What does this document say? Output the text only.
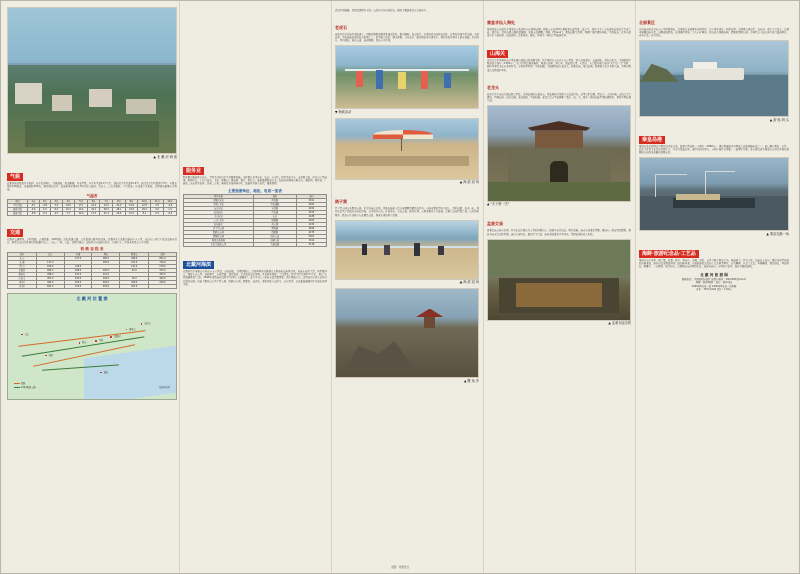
▲ 北 戴 河 海 滨
气候
北戴河地处暖温带半湿润、南于海洋调节，气候温和，夏无酷暑，冬无严寒，年平均气温11℃左右，最热月平均气温24.5℃，最冷月平均气温零下5℃。年降水量约700毫米，无霜期约180天，相对湿度适中。海滨浴场水温6月至9月适宜游泳，尤以七、八月为最佳。空气清新、负氧离子含量高，是理想的避暑疗养胜地。
气温表
项目	1月	2月	3月	4月	5月	6月	7月	8月	9月	10月	11月	12月
平均气温	-5.1	-2.8	3.4	10.6	17.1	21.4	24.5	24.0	19.6	12.8	4.5	-2.6
最高气温	-0.6	2.0	8.4	16.3	22.4	26.1	28.3	28.1	24.6	18.3	9.6	1.9
最低气温	-8.8	-6.3	-0.7	5.7	12.0	17.3	21.3	20.6	15.0	8.1	0.4	-6.0
交通
北戴河交通便利，京哈铁路、京秦铁路、102国道、沿海高速公路、京沈高速公路均经此地。北戴河火车站距海滨约十五公里，站前有公共汽车直达海滨各景点。秦皇岛山海关机场有班机通往北京、上海、广州、大连、沈阳等城市。海滨区内有旅游专线车、出租汽车，往返各风景点十分方便。
铁 路 里 程 表
站名	北京	天津	唐山	秦皇岛	沈阳
北 京		137.0	180.0	286.0	841.0
天 津	137.0		126.0	247.0	704.0
唐 山	180.0	126.0		121.0	578.0
北戴河	264.0	186.0	105.0	22.0	475.0
秦皇岛	286.0	247.0	121.0		457.0
山海关	301.0	262.0	136.0	15.0	442.0
锦 州	494.0	455.0	329.0	208.0	249.0
沈 阳	841.0	704.0	578.0	457.0	
北 戴 河 位 置 图
北京
天津
唐山
秦皇岛
北戴河
山海关
昌黎
渤海
铁路
102(国道)公路	海滨风景区
服务业
到北戴河旅游休养的人，平时不过的日常生活服务设施。全区现有各类宾馆、饭店、疗养院、招待所近千家，床位数万张。区内有大型商场、购物中心、土特产商店、书店、照相馆、邮电局、银行、医院等，旅游服务配套齐全。海滨各浴场设有更衣室、淋浴间、救护站、广播站。饭店经营海鲜、冀菜、京菜、鲁菜及各地风味小吃，旅游旺季游人如织，服务周到。
主要旅游单位、地址、电话一览表
单位名称	地址	电话
北戴河宾馆	西经路	4011
中直疗养院	中海滩路	4021
友谊宾馆	东经路	4102
海滨饭店	中海滩	4155
金山宾馆	东山	4188
工人疗养院	联峰路	4203
海滨旅社	海宁路	4231
鸽子窝公园	鹰角路	4266
联峰山公园	联峰路	4275
碧螺塔公园	滨海大道	4301
秦皇岛港务局	港城大街	3012
山海关旅游公司	关城南路	5118
北戴河海滨
北戴河位于秦皇岛市西南十五公里处，南临渤海，北靠联峰山，是我国著名的避暑疗养胜地和海滨风景区。海滨东起鸽子窝，西至戴河口，绵延十余公里，沙软潮平，水质清澈，滩缓波轻，是天然的海水浴场。区内林木葱郁，空气清新，夏季平均气温23℃左右，素有"东亚避暑胜地"之称。1898年清政府将此辟为"各国人士避暑地"，此后中外人士纷纷来此营建别墅。新中国成立后，这里成为劳动人民休养度假的乐园。海滨主要景点有鸽子窝公园、联峰山公园、碧螺塔、老虎石、秦皇求仙入海处等。每年夏季，来此旅游避暑的中外游客络绎不绝。
沿海岸线蜿蜒，景观资源极为丰富，每处均有各自的特色。现将主要游览景点分述如下。
老虎石
老虎石位于海滨中部海滩上，因礁石群形似群虎卧滩而得名。礁石嶙峋，海浪拍岸，是观海听涛的绝佳去处。这里的沙滩平缓宽阔，水质洁净，为海滨最热闹的海水浴场之一。夏季游人如织，嬉水弄潮，其乐无穷。礁石附近设有更衣室、救护站和各种水上游乐设施。日出时分，登石观海，霞光万道，波光粼粼，景色十分壮观。
▼ 海滨活动
▲ 海 滨 浴 场
鸽子窝
鸽子窝公园又名鹰角公园，位于海滨东北角，因临海悬崖上常有成群野鸽栖息而得名。公园内鹰角亭屹立崖上，凭栏远眺，海天一色。观日出是鸽子窝最负盛名的景观，每当旭日东升，红霞满天，金光万道，蔚为壮观。公园北侧为大片湿地，是候鸟迁徙停歇之地，每年春秋两季，数以万计的候鸟在此栖息觅食，形成壮观的观鸟景观。
▲ 海 滨 浴 场
▲ 鹰 角 亭
秦皇求仙入海处
秦皇求仙入海处位于秦皇岛市海港区东山浴场南侧，相传公元前215年秦始皇东巡至此，派卢生、韩终等方士入海求仙觅取长生不老之药，故得名。景区内建有秦始皇铜像、求仙入海群雕、唐碑、四haul门、观海长廊等景观，再现了秦代建筑风格，气势恢宏。景区内还设有水上游乐场、海滨浴场，是集观光、娱乐、休闲于一体的大型旅游景区。
山海关
山海关是举世闻名的万里长城东部起点的重要关隘，位于秦皇岛市东北十五公里处，因其北倚燕山、南连渤海，故名山海关。关城始建于明洪武十四年（1381年），由大将徐达奉命修筑，城高十四米，厚七米，周长四公里，有四门。东门镇东楼上悬挂"天下第一关"巨匾，相传为明代书法家萧显所书，字体苍劲浑厚，气势磅礴。关城周围还有老龙头、孟姜女庙、角山长城、燕塞湖等众多名胜古迹，为国家级重点文物保护单位。
老龙头
老龙头位于山海关城南四公里处，是明长城的东部起点，因长城如巨龙探首入海而得名。这里有澄海楼、靖卤台、入海石城、南海口关等建筑，登楼远望，海天辽阔，波涛汹涌，气势磅礴。老龙头是万里长城唯一集山、海、关、城于一体的海陆军事防御体系，堪称中国长城之最。
▲ "天下第一关"
孟姜女庙
孟姜女庙又称贞女祠，位于山海关城东六公里的凤凰山上，始建于宋代以前，明代重修。庙内有孟姜女塑像，殿前有一副奇特的楹联，相传为南宋文天祥所题。庙后有望夫石、振衣亭等古迹，流传着孟姜女千里寻夫、哭倒长城的动人传说。
▲ 孟姜女庙全景
北部景区
从海滨向西北方向五公里的联峰山，是秦皇岛北部著名的风景区。山上林木茂密，松柏苍翠，山间建有望海亭、莲花石、观音寺等景点。山顶可俯瞰海滨全景，远眺渤海碧波，近观城区风貌，令人心旷神怡。区内还有怪楼奇园、碧螺塔酒吧公园、奥林匹克大道公园等新兴旅游项目，内容丰富，各具特色。
▲ 游 船 码 头
秦皇岛港
秦皇岛港是我国北方著名的不冻良港，始建于清光绪二十四年（1898年），现已发展成为世界最大的能源输出港之一。港口拥有煤炭、杂货、油品等各类专业化泊位数十个，年吞吐量逾亿吨。港区内塔吊林立，万吨巨轮往来穿梭，一派繁忙景象。港口现已成为秦皇岛市对外开放的重要窗口和经济发展的重要支柱。
▲ 秦皇岛港一角
海鲜·旅游纪念品·工艺品
秦皇岛盛产对虾、梭子蟹、海蟹、鲅鱼、黄花鱼、海螺、海参、扇贝等数十种海产品，味道鲜美，营养丰富。海滨各大饭店、餐馆均经营地道的海鲜菜肴，游客可品尝到新鲜可口的海味佳肴。当地旅游纪念品和工艺品种类繁多，有贝雕画、鱼骨工艺品、玛瑙雕刻、琥珀制品、草编制品、根雕等，工艺精湛，独具特色，是馈赠亲友的理想礼品。海滨各商店、市场均有销售，游客可随意选购。
北 戴 河 旅 游 图
编辑出版：中国地图出版社 地图审核号：GS(1995)第xxx号
印刷：新华印刷厂 发行：新华书店
1995年8月第一版 1995年8月第一次印刷
开本：787×1092 定价：1.80元
全图：内部发行
